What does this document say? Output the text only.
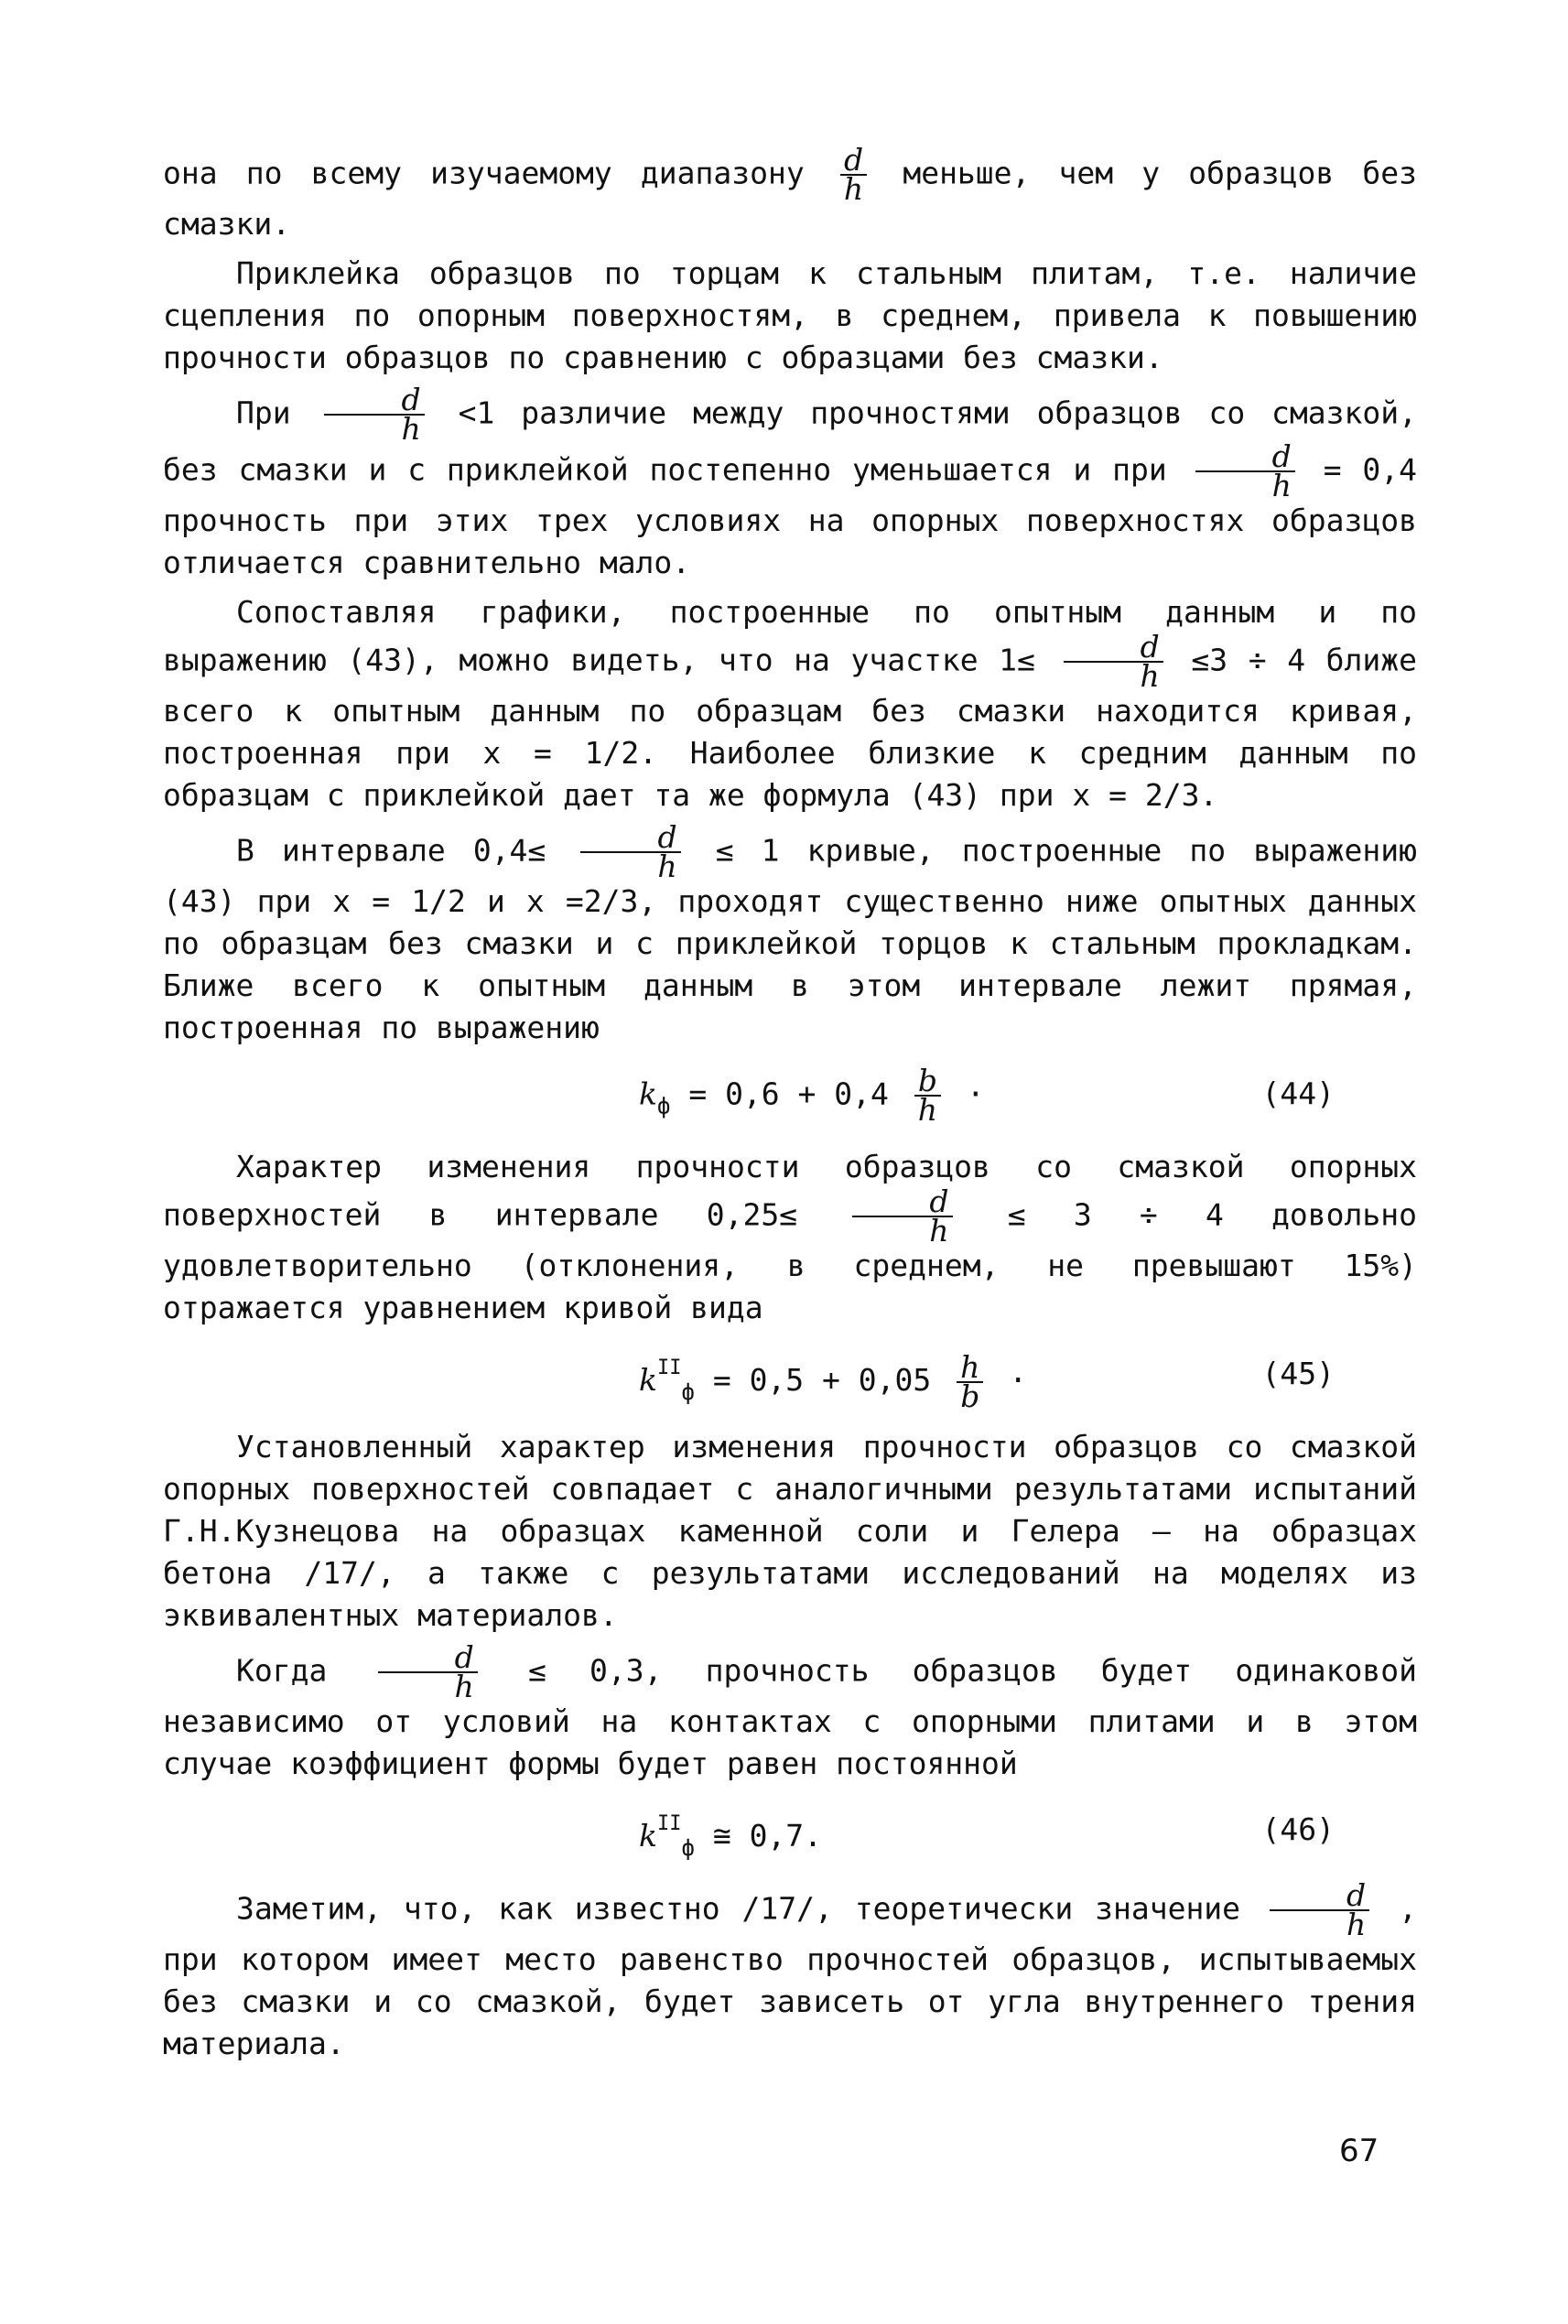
она по всему изучаемому диапазону $\frac{d}{h}$ меньше, чем у образцов без смазки.

Приклейка образцов по торцам к стальным плитам, т.е. наличие сцепления по опорным поверхностям, в среднем, привела к повышению прочности образцов по сравнению с образцами без смазки.

При $\frac{d}{h} <1$ различие между прочностями образцов со смазкой, без смазки и с приклейкой постепенно уменьшается и при $\frac{d}{h} = 0,4$ прочность при этих трех условиях на опорных поверхностях образцов отличается сравнительно мало.

Сопоставляя графики, построенные по опытным данным и по выражению (43), можно видеть, что на участке $1\le \frac{d}{h} \le 3 \div 4$ ближе всего к опытным данным по образцам без смазки находится кривая, построенная при x = 1/2. Наиболее близкие к средним данным по образцам с приклейкой дает та же формула (43) при x = 2/3.

В интервале $0,4\le \frac{d}{h} \le 1$ кривые, построенные по выражению (43) при x = 1/2 и x =2/3, проходят существенно ниже опытных данных по образцам без смазки и с приклейкой торцов к стальным прокладкам. Ближе всего к опытным данным в этом интервале лежит прямая, построенная по выражению

$k_ф = 0,6 + 0,4 \frac{b}{h}$ ·	(44)

Характер изменения прочности образцов со смазкой опорных поверхностей в интервале $0,25\le \frac{d}{h} \le 3 \div 4$ довольно удовлетворительно (отклонения, в среднем, не превышают 15%) отражается уравнением кривой вида

$k^{II}_ф = 0,5 + 0,05 \frac{h}{b}$ ·	(45)

Установленный характер изменения прочности образцов со смазкой опорных поверхностей совпадает с аналогичными результатами испытаний Г.Н.Кузнецова на образцах каменной соли и Гелера – на образцах бетона /17/, а также с результатами исследований на моделях из эквивалентных материалов.

Когда $\frac{d}{h} \le 0,3$, прочность образцов будет одинаковой независимо от условий на контактах с опорными плитами и в этом случае коэффициент формы будет равен постоянной

$k^{II}_ф$ ≅ 0,7.	(46)

Заметим, что, как известно /17/, теоретически значение $\frac{d}{h}$ , при котором имеет место равенство прочностей образцов, испытываемых без смазки и со смазкой, будет зависеть от угла внутреннего трения материала.

67
